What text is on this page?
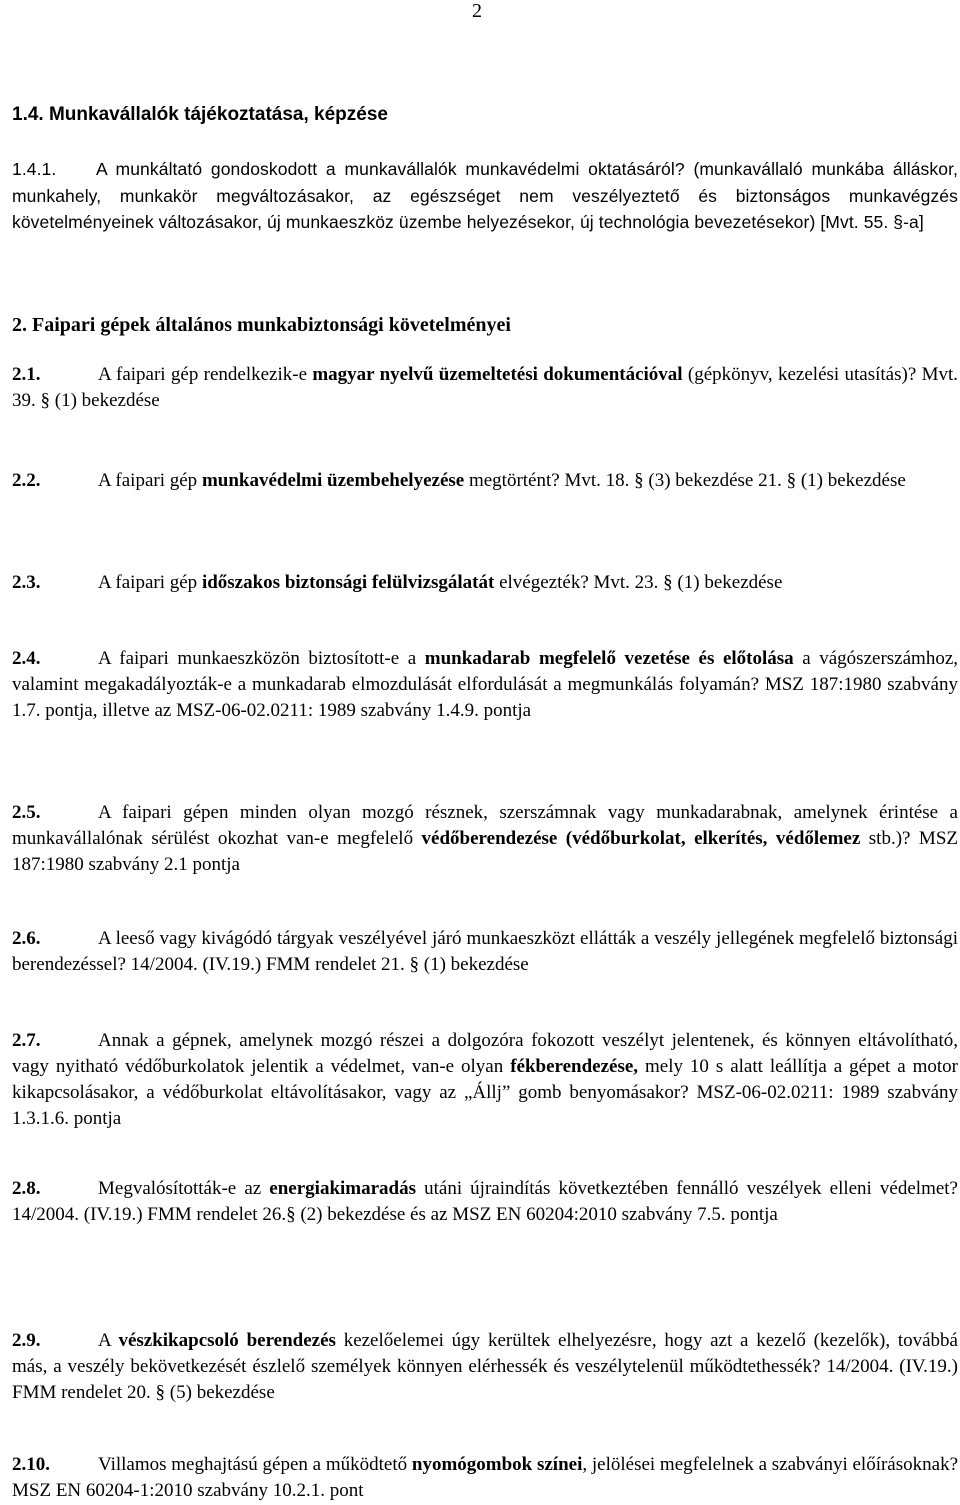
2
1.4. Munkavállalók tájékoztatása, képzése
1.4.1. A munkáltató gondoskodott a munkavállalók munkavédelmi oktatásáról? (munkavállaló munkába álláskor, munkahely, munkakör megváltozásakor, az egészséget nem veszélyeztető és biztonságos munkavégzés követelményeinek változásakor, új munkaeszköz üzembe helyezésekor, új technológia bevezetésekor) [Mvt. 55. §-a]
2. Faipari gépek általános munkabiztonsági követelményei
2.1.	A faipari gép rendelkezik-e magyar nyelvű üzemeltetési dokumentációval (gépkönyv, kezelési utasítás)? Mvt. 39. § (1) bekezdése
2.2.	A faipari gép munkavédelmi üzembehelyezése megtörtént? Mvt. 18. § (3) bekezdése 21. § (1) bekezdése
2.3.	A faipari gép időszakos biztonsági felülvizsgálatát elvégezték? Mvt. 23. § (1) bekezdése
2.4.	A faipari munkaeszközön biztosított-e a munkadarab megfelelő vezetése és előtolása a vágószerszámhoz, valamint megakadályozták-e a munkadarab elmozdulását elfordulását a megmunkálás folyamán? MSZ 187:1980 szabvány 1.7. pontja, illetve az MSZ-06-02.0211: 1989 szabvány 1.4.9. pontja
2.5.	A faipari gépen minden olyan mozgó résznek, szerszámnak vagy munkadarabnak, amelynek érintése a munkavállalónak sérülést okozhat van-e megfelelő védőberendezése (védőburkolat, elkerítés, védőlemez stb.)? MSZ 187:1980 szabvány 2.1 pontja
2.6.	A leeső vagy kivágódó tárgyak veszélyével járó munkaeszközt ellátták a veszély jellegének megfelelő biztonsági berendezéssel? 14/2004. (IV.19.) FMM rendelet 21. § (1) bekezdése
2.7.	Annak a gépnek, amelynek mozgó részei a dolgozóra fokozott veszélyt jelentenek, és könnyen eltávolítható, vagy nyitható védőburkolatok jelentik a védelmet, van-e olyan fékberendezése, mely 10 s alatt leállítja a gépet a motor kikapcsolásakor, a védőburkolat eltávolításakor, vagy az „Állj” gomb benyomásakor? MSZ-06-02.0211: 1989 szabvány 1.3.1.6. pontja
2.8.	Megvalósították-e az energiakimaradás utáni újraindítás következtében fennálló veszélyek elleni védelmet? 14/2004. (IV.19.) FMM rendelet 26.§ (2) bekezdése és az MSZ EN 60204:2010 szabvány 7.5. pontja
2.9.	A vészkikapcsoló berendezés kezelőelemei úgy kerültek elhelyezésre, hogy azt a kezelő (kezelők), továbbá más, a veszély bekövetkezését észlelő személyek könnyen elérhessék és veszélytelenül működtethessék? 14/2004. (IV.19.) FMM rendelet 20. § (5) bekezdése
2.10.	Villamos meghajtású gépen a működtető nyomógombok színei, jelölései megfelelnek a szabványi előírásoknak? MSZ EN 60204-1:2010 szabvány 10.2.1. pont
